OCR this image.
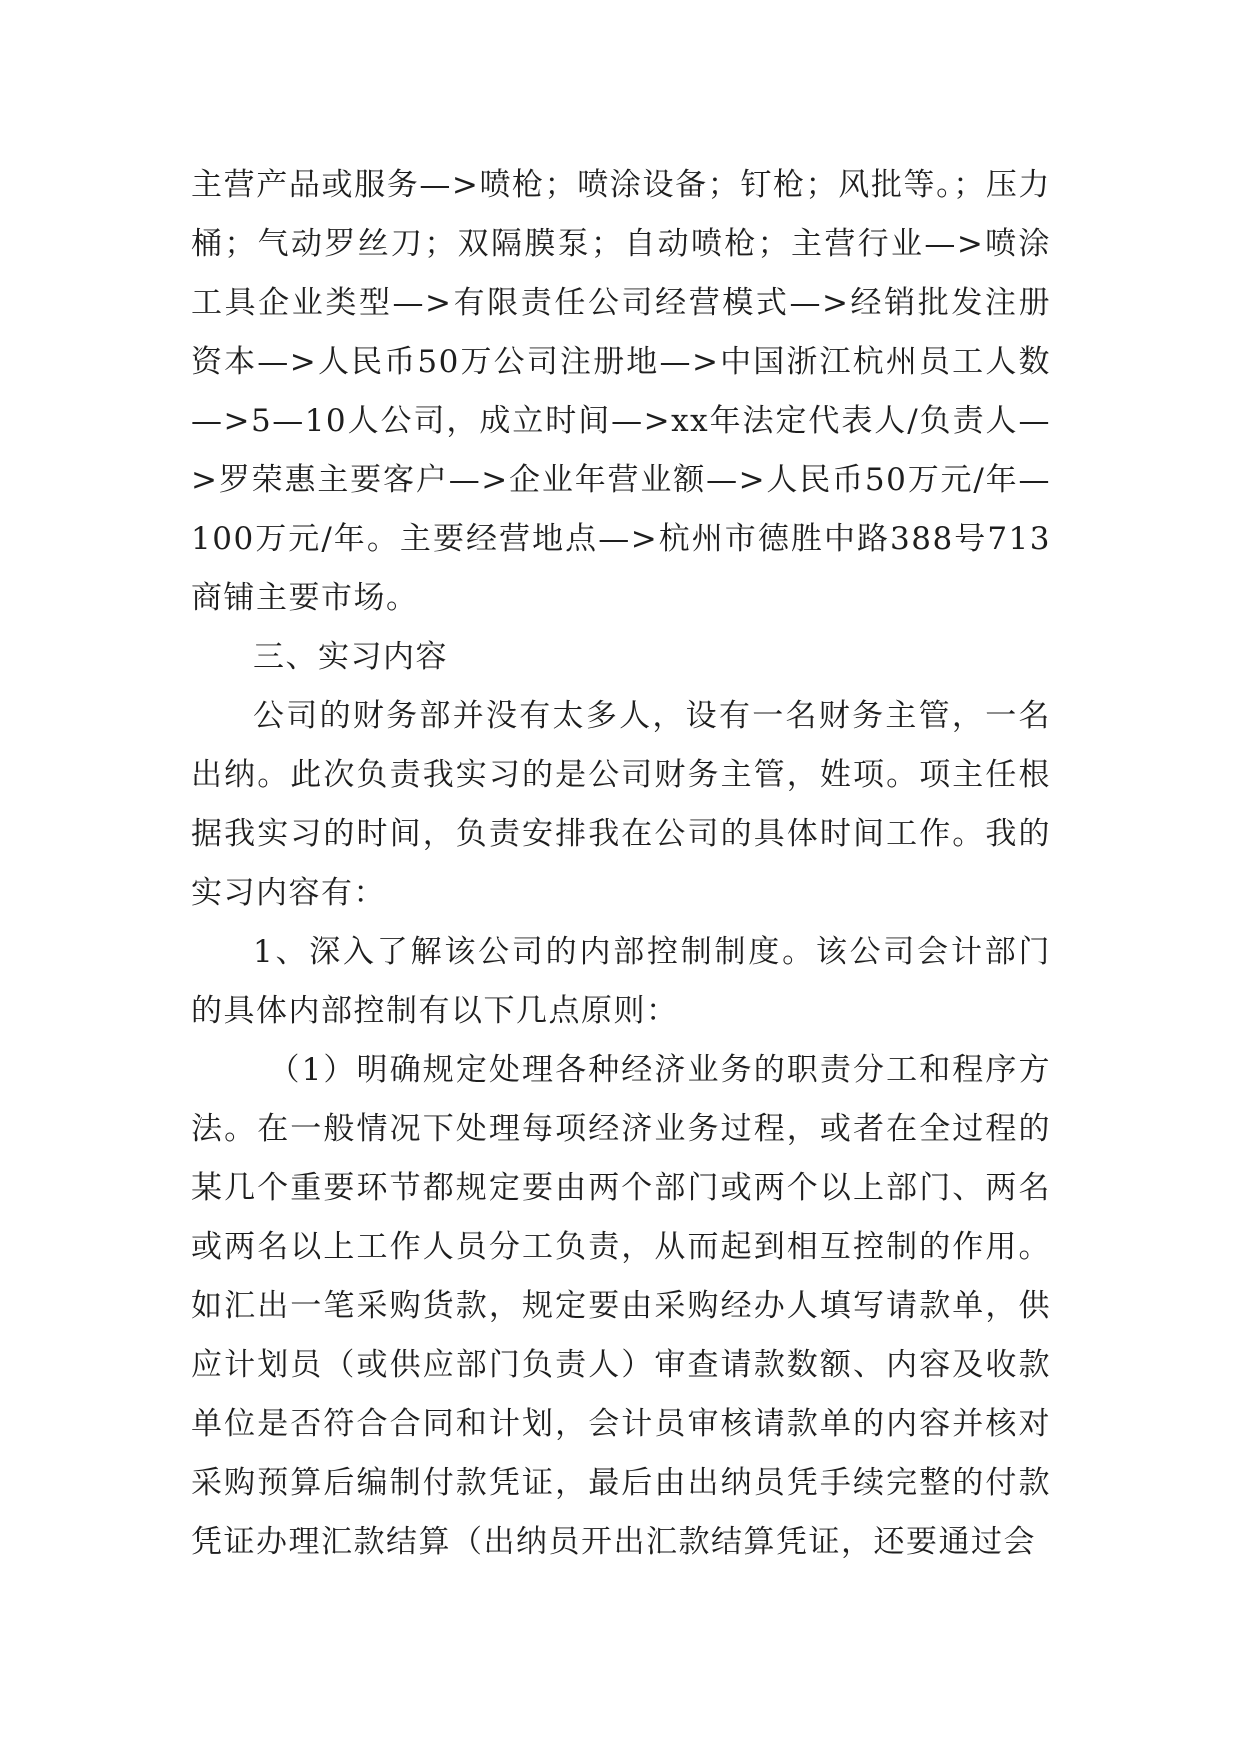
主营产品或服务—>喷枪；喷涂设备；钉枪；风批等。；压力桶；气动罗丝刀；双隔膜泵；自动喷枪；主营行业—>喷涂工具企业类型—>有限责任公司经营模式—>经销批发注册资本—>人民币50万公司注册地—>中国浙江杭州员工人数—>5—10人公司，成立时间—>xx年法定代表人/负责人—>罗荣惠主要客户—>企业年营业额—>人民币50万元/年—100万元/年。主要经营地点—>杭州市德胜中路388号713商铺主要市场。

三、实习内容

公司的财务部并没有太多人，设有一名财务主管，一名出纳。此次负责我实习的是公司财务主管，姓项。项主任根据我实习的时间，负责安排我在公司的具体时间工作。我的实习内容有：

1、深入了解该公司的内部控制制度。该公司会计部门的具体内部控制有以下几点原则：

（1）明确规定处理各种经济业务的职责分工和程序方法。在一般情况下处理每项经济业务过程，或者在全过程的某几个重要环节都规定要由两个部门或两个以上部门、两名或两名以上工作人员分工负责，从而起到相互控制的作用。如汇出一笔采购货款，规定要由采购经办人填写请款单，供应计划员（或供应部门负责人）审查请款数额、内容及收款单位是否符合合同和计划，会计员审核请款单的内容并核对采购预算后编制付款凭证，最后由出纳员凭手续完整的付款凭证办理汇款结算（出纳员开出汇款结算凭证，还要通过会
